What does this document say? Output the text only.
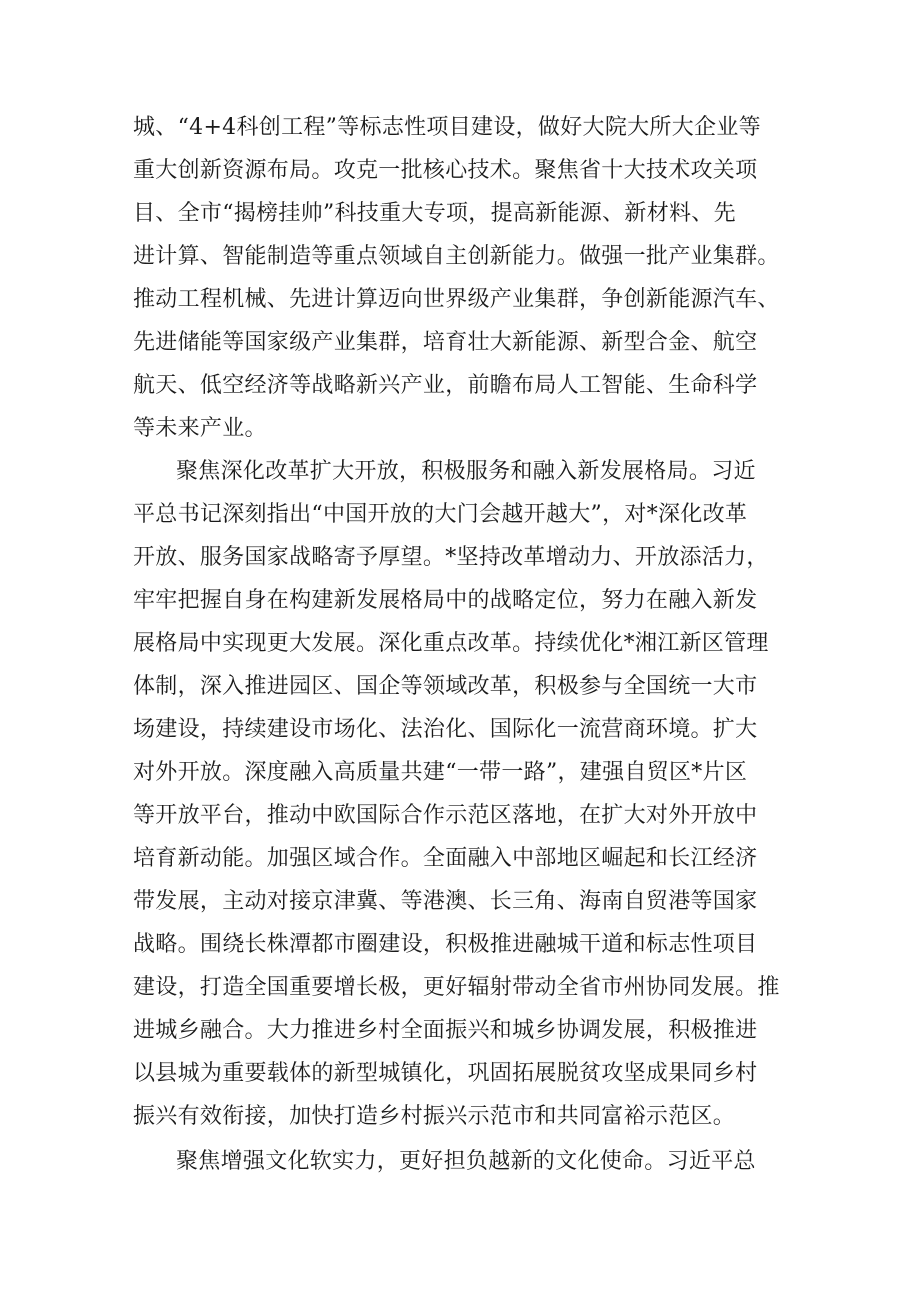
城、“4+4科创工程”等标志性项目建设，做好大院大所大企业等
重大创新资源布局。攻克一批核心技术。聚焦省十大技术攻关项
目、全市“揭榜挂帅”科技重大专项，提高新能源、新材料、先
进计算、智能制造等重点领域自主创新能力。做强一批产业集群。
推动工程机械、先进计算迈向世界级产业集群，争创新能源汽车、
先进储能等国家级产业集群，培育壮大新能源、新型合金、航空
航天、低空经济等战略新兴产业，前瞻布局人工智能、生命科学
等未来产业。
聚焦深化改革扩大开放，积极服务和融入新发展格局。习近
平总书记深刻指出“中国开放的大门会越开越大”，对*深化改革
开放、服务国家战略寄予厚望。*坚持改革增动力、开放添活力，
牢牢把握自身在构建新发展格局中的战略定位，努力在融入新发
展格局中实现更大发展。深化重点改革。持续优化*湘江新区管理
体制，深入推进园区、国企等领域改革，积极参与全国统一大市
场建设，持续建设市场化、法治化、国际化一流营商环境。扩大
对外开放。深度融入高质量共建“一带一路”，建强自贸区*片区
等开放平台，推动中欧国际合作示范区落地，在扩大对外开放中
培育新动能。加强区域合作。全面融入中部地区崛起和长江经济
带发展，主动对接京津冀、等港澳、长三角、海南自贸港等国家
战略。围绕长株潭都市圈建设，积极推进融城干道和标志性项目
建设，打造全国重要增长极，更好辐射带动全省市州协同发展。推
进城乡融合。大力推进乡村全面振兴和城乡协调发展，积极推进
以县城为重要载体的新型城镇化，巩固拓展脱贫攻坚成果同乡村
振兴有效衔接，加快打造乡村振兴示范市和共同富裕示范区。
聚焦增强文化软实力，更好担负越新的文化使命。习近平总
